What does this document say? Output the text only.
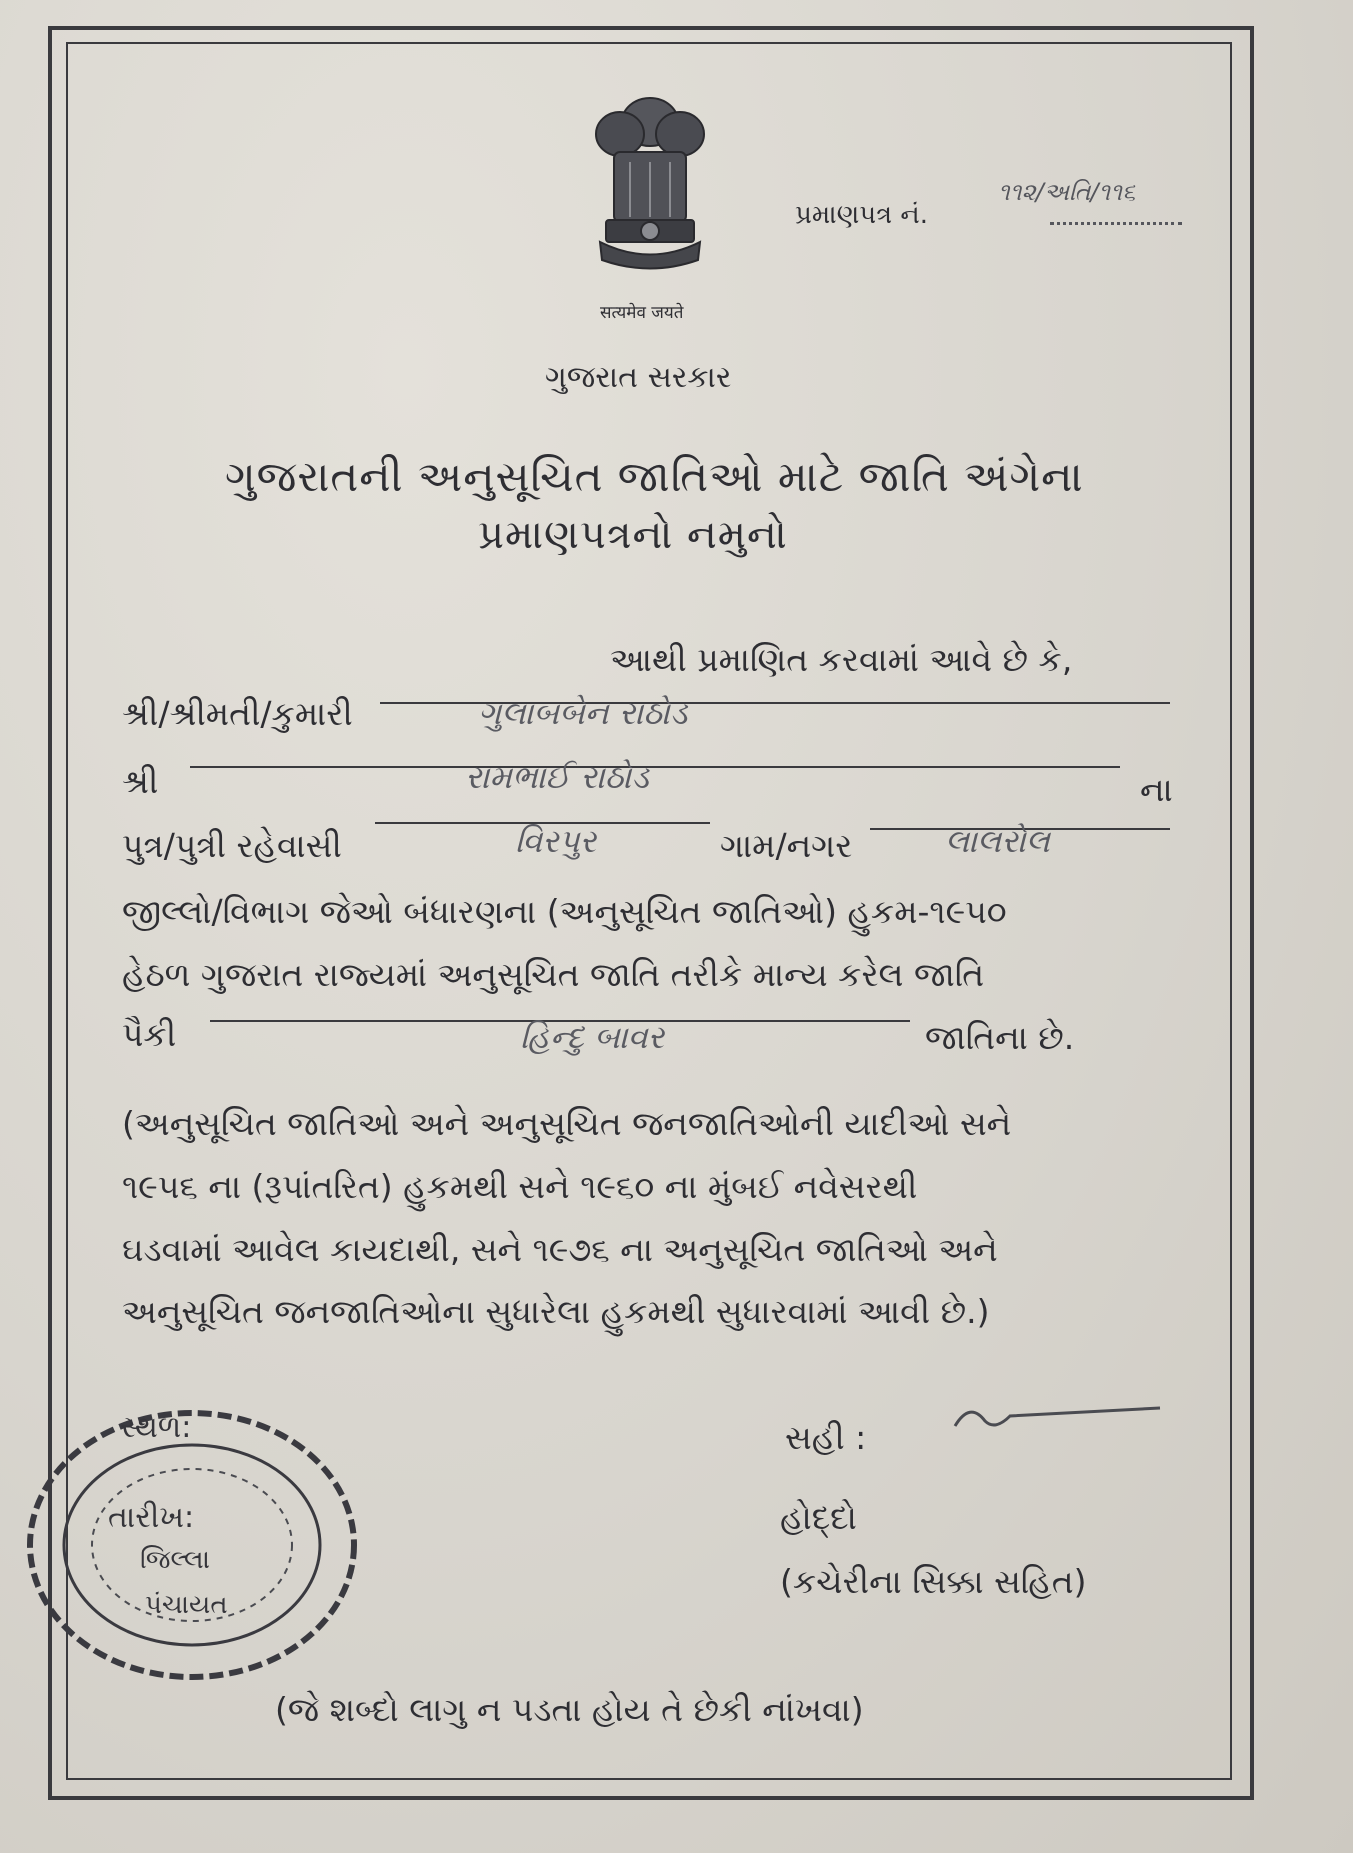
सत्यमेव जयते
પ્રમાણપત્ર નં.
૧૧૨/અતિ/૧૧૬
ગુજરાત સરકાર
ગુજરાતની અનુસૂચિત જાતિઓ માટે જાતિ અંગેના
પ્રમાણપત્રનો નમુનો
આથી પ્રમાણિત કરવામાં આવે છે કે,
શ્રી/શ્રીમતી/કુમારી	ગુલાબબેન રાઠોડ
શ્રી	રામભાઈ રાઠોડ	ના
પુત્ર/પુત્રી રહેવાસી	વિરપુર	ગામ/નગર	લાલરોલ
જીલ્લો/વિભાગ જેઓ બંધારણના (અનુસૂચિત જાતિઓ) હુકમ-૧૯૫૦
હેઠળ ગુજરાત રાજ્યમાં અનુસૂચિત જાતિ તરીકે માન્ય કરેલ જાતિ
પૈકી	હિન્દુ બાવર	જાતિના છે.
(અનુસૂચિત જાતિઓ અને અનુસૂચિત જનજાતિઓની યાદીઓ સને
૧૯૫૬ ના (રૂપાંતરિત) હુકમથી સને ૧૯૬૦ ના મુંબઈ નવેસરથી
ઘડવામાં આવેલ કાયદાથી, સને ૧૯૭૬ ના અનુસૂચિત જાતિઓ અને
અનુસૂચિત જનજાતિઓના સુધારેલા હુકમથી સુધારવામાં આવી છે.)
સહી :
હોદ્દો
(કચેરીના સિક્કા સહિત)
સ્થળ:
તારીખ:
જિલ્લા
પંચાયત
(જે શબ્દો લાગુ ન પડતા હોય તે છેકી નાંખવા)
